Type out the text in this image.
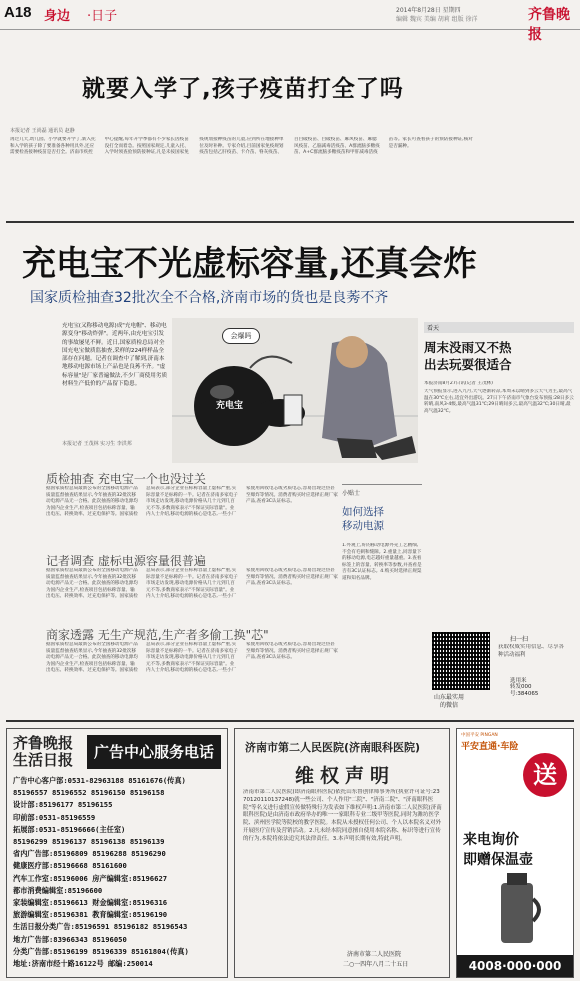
A18 身边 ·日子	2014年8月28日 星期四
编辑 魏宾 美编 胡莉 组版 徐洋	齐鲁晚报
就要入学了,孩子疫苗打全了吗
本报记者 王尚磊 通讯员 赵静
再过几天,幼儿园、小学就要开学了,新入托和入学的孩子除了要准备各种用具外,还应需要检查接种疫苗是否打全。济南市疾控中心提醒,每年开学季都有不少家长因疫苗没打全而着急。按照国家规定,儿童入托、入学时须查验预防接种证,凡是未按国家免疫规划接种疫苗的儿童,应到所在地接种单位及时补种。专家介绍,目前国家免疫规划疫苗包括乙肝疫苗、卡介苗、脊灰疫苗、百白破疫苗、白破疫苗、麻风疫苗、麻腮风疫苗、乙脑减毒活疫苗、A群流脑多糖疫苗、A+C群流脑多糖疫苗和甲肝减毒活疫苗等。家长可查看孩子的预防接种证,核对是否漏种。
充电宝不光虚标容量,还真会炸
国家质检抽查32批次全不合格,济南市场的货也是良莠不齐
充电宝(又称移动电源)成"充电帽"、移动电源变身"移动炸弹"。近两年,由充电宝引发的事故屡见不鲜。近日,国家质检总局对全国充电宝做质监抽查,采样的224样样品全部存在问题。记者在调查中了解到,济南本地移动电源市场上产品也是良莠不齐。"虚标容量"是厂家普遍做法,不少厂商使用劣质材料生产低价的产品留下隐患。
本报记者 王茂林 实习生 李洪邦
会爆吗
充电宝
质检抽查 充电宝一个也没过关
据国家质检总局最新公布的全国移动电源产品质量监督抽查结果显示,今年抽查的32批次移动电源产品无一合格。此次抽查的移动电源均为国内企业生产,检查项目包括标称容量、输出电压、转换效率、过充电保护等。国家质检总局表示,部分企业在标称容量上虚标严重,实际容量不足标称的一半。记者在济南多家电子市场走访发现,移动电源价格从几十元到几百元不等,多数商家表示"不保证实际容量"。业内人士介绍,移动电源的核心是电芯,一些小厂家使用回收电芯或劣质电芯,容易出现过热甚至爆炸等情况。消费者购买时应选择正规厂家产品,查看3C认证标志。
记者调查 虚标电源容量很普遍
据国家质检总局最新公布的全国移动电源产品质量监督抽查结果显示,今年抽查的32批次移动电源产品无一合格。此次抽查的移动电源均为国内企业生产,检查项目包括标称容量、输出电压、转换效率、过充电保护等。国家质检总局表示,部分企业在标称容量上虚标严重,实际容量不足标称的一半。记者在济南多家电子市场走访发现,移动电源价格从几十元到几百元不等,多数商家表示"不保证实际容量"。业内人士介绍,移动电源的核心是电芯,一些小厂家使用回收电芯或劣质电芯,容易出现过热甚至爆炸等情况。消费者购买时应选择正规厂家产品,查看3C认证标志。
商家透露 无生产规范,生产者多偷工换"芯"
据国家质检总局最新公布的全国移动电源产品质量监督抽查结果显示,今年抽查的32批次移动电源产品无一合格。此次抽查的移动电源均为国内企业生产,检查项目包括标称容量、输出电压、转换效率、过充电保护等。国家质检总局表示,部分企业在标称容量上虚标严重,实际容量不足标称的一半。记者在济南多家电子市场走访发现,移动电源价格从几十元到几百元不等,多数商家表示"不保证实际容量"。业内人士介绍,移动电源的核心是电芯,一些小厂家使用回收电芯或劣质电芯,容易出现过热甚至爆炸等情况。消费者购买时应选择正规厂家产品,查看3C认证标志。
小贴士
如何选择
移动电源
1.外观上,好的移动电源外壳工艺精细,不会有毛刺和缝隙。2.重量上,同容量下的移动电源,电芯越好重量越重。3.查看标签上的容量、转换率等参数,并查看是否有3C认证标志。4.购买时选择正规渠道和知名品牌。
看天
周末没雨又不热
出去玩耍很适合
本报济南8月27日讯(记者 王茂林)
天气预报显示,进入九月,天气逐渐转凉,本周末以晴到多云天气为主,最高气温在30℃左右,适宜外出游玩。27日下午济南市气象台发布预报:28日多云转晴,南风3-4级,最高气温31℃;29日晴间多云,最高气温32℃;30日晴,最高气温32℃。
扫一扫
获取权威实用信息、尽享各种活动福利
山东最实用
的微信
选用米
转发000
号:384065
齐鲁晚报
生活日报	广告中心服务电话
广告中心客户部:0531-82963188 85161676(传真)
85196557 85196552 85196150 85196158
设计部:85196177 85196155
印前部:0531-85196559
拓展部:0531-85196666(主任室)
85196299 85196137 85196138 85196139
省内广告部:85196809 85196288 85196290
健康医疗部:85196668 85161600
汽车工作室:85196006 房产编辑室:85196627
都市消费编辑室:85196600
家装编辑室:85196613 财金编辑室:85196316
旅游编辑室:85196381 教育编辑室:85196190
生活日报分类广告:85196591 85196182 85196543
地方广告部:83966343 85196050
分类广告部:85196199 85196339 85161804(传真)
地址:济南市经十路16122号 邮编:250014
济南市第二人民医院(济南眼科医院)
维权声明
济南市第二人民医院(即济南眼科医院)依托山东鲁创律师事务所(执业许可证号:2370120110137248)就一些公司、个人作用"二院"、"济南二院"、"济南眼科医院"等名义进行虚假宣传做特殊行为发表如下维权声明:1.济南市第二人民医院(济南眼科医院)是由济南市政府举办的唯一一家眼科专业二级甲等医院,同时为潍坊医学院、滨州医学院等院校的教学医院。本院从未授权任何公司、个人以本院名义对外开展医疗宣传及营销活动。2.凡未经本院同意擅自使用本院名称、标识等进行宣传的行为,本院将依法追究其法律责任。3.本声明长期有效,特此声明。
济南市第二人民医院
二○一四年八月二十五日
中国平安 PINGAN
平安直通·车险
送
来电询价
即赠保温壶
4008·000·000
